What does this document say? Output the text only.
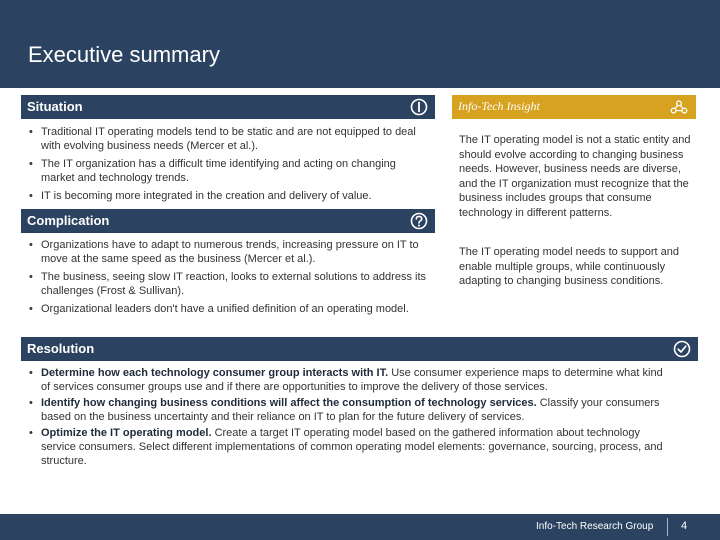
Executive summary
Situation
• Traditional IT operating models tend to be static and are not equipped to deal with evolving business needs (Mercer et al.).
• The IT organization has a difficult time identifying and acting on changing market and technology trends.
• IT is becoming more integrated in the creation and delivery of value.
Complication
• Organizations have to adapt to numerous trends, increasing pressure on IT to move at the same speed as the business (Mercer et al.).
• The business, seeing slow IT reaction, looks to external solutions to address its challenges (Frost & Sullivan).
• Organizational leaders don't have a unified definition of an operating model.
Info-Tech Insight

The IT operating model is not a static entity and should evolve according to changing business needs. However, business needs are diverse, and the IT organization must recognize that the business includes groups that consume technology in different patterns.

The IT operating model needs to support and enable multiple groups, while continuously adapting to changing business conditions.

Resolution
• Determine how each technology consumer group interacts with IT. Use consumer experience maps to determine what kind of services consumer groups use and if there are opportunities to improve the delivery of those services.
• Identify how changing business conditions will affect the consumption of technology services. Classify your consumers based on the business uncertainty and their reliance on IT to plan for the future delivery of services.
• Optimize the IT operating model. Create a target IT operating model based on the gathered information about technology service consumers. Select different implementations of common operating model elements: governance, sourcing, process, and structure.
Info-Tech Research Group	4
